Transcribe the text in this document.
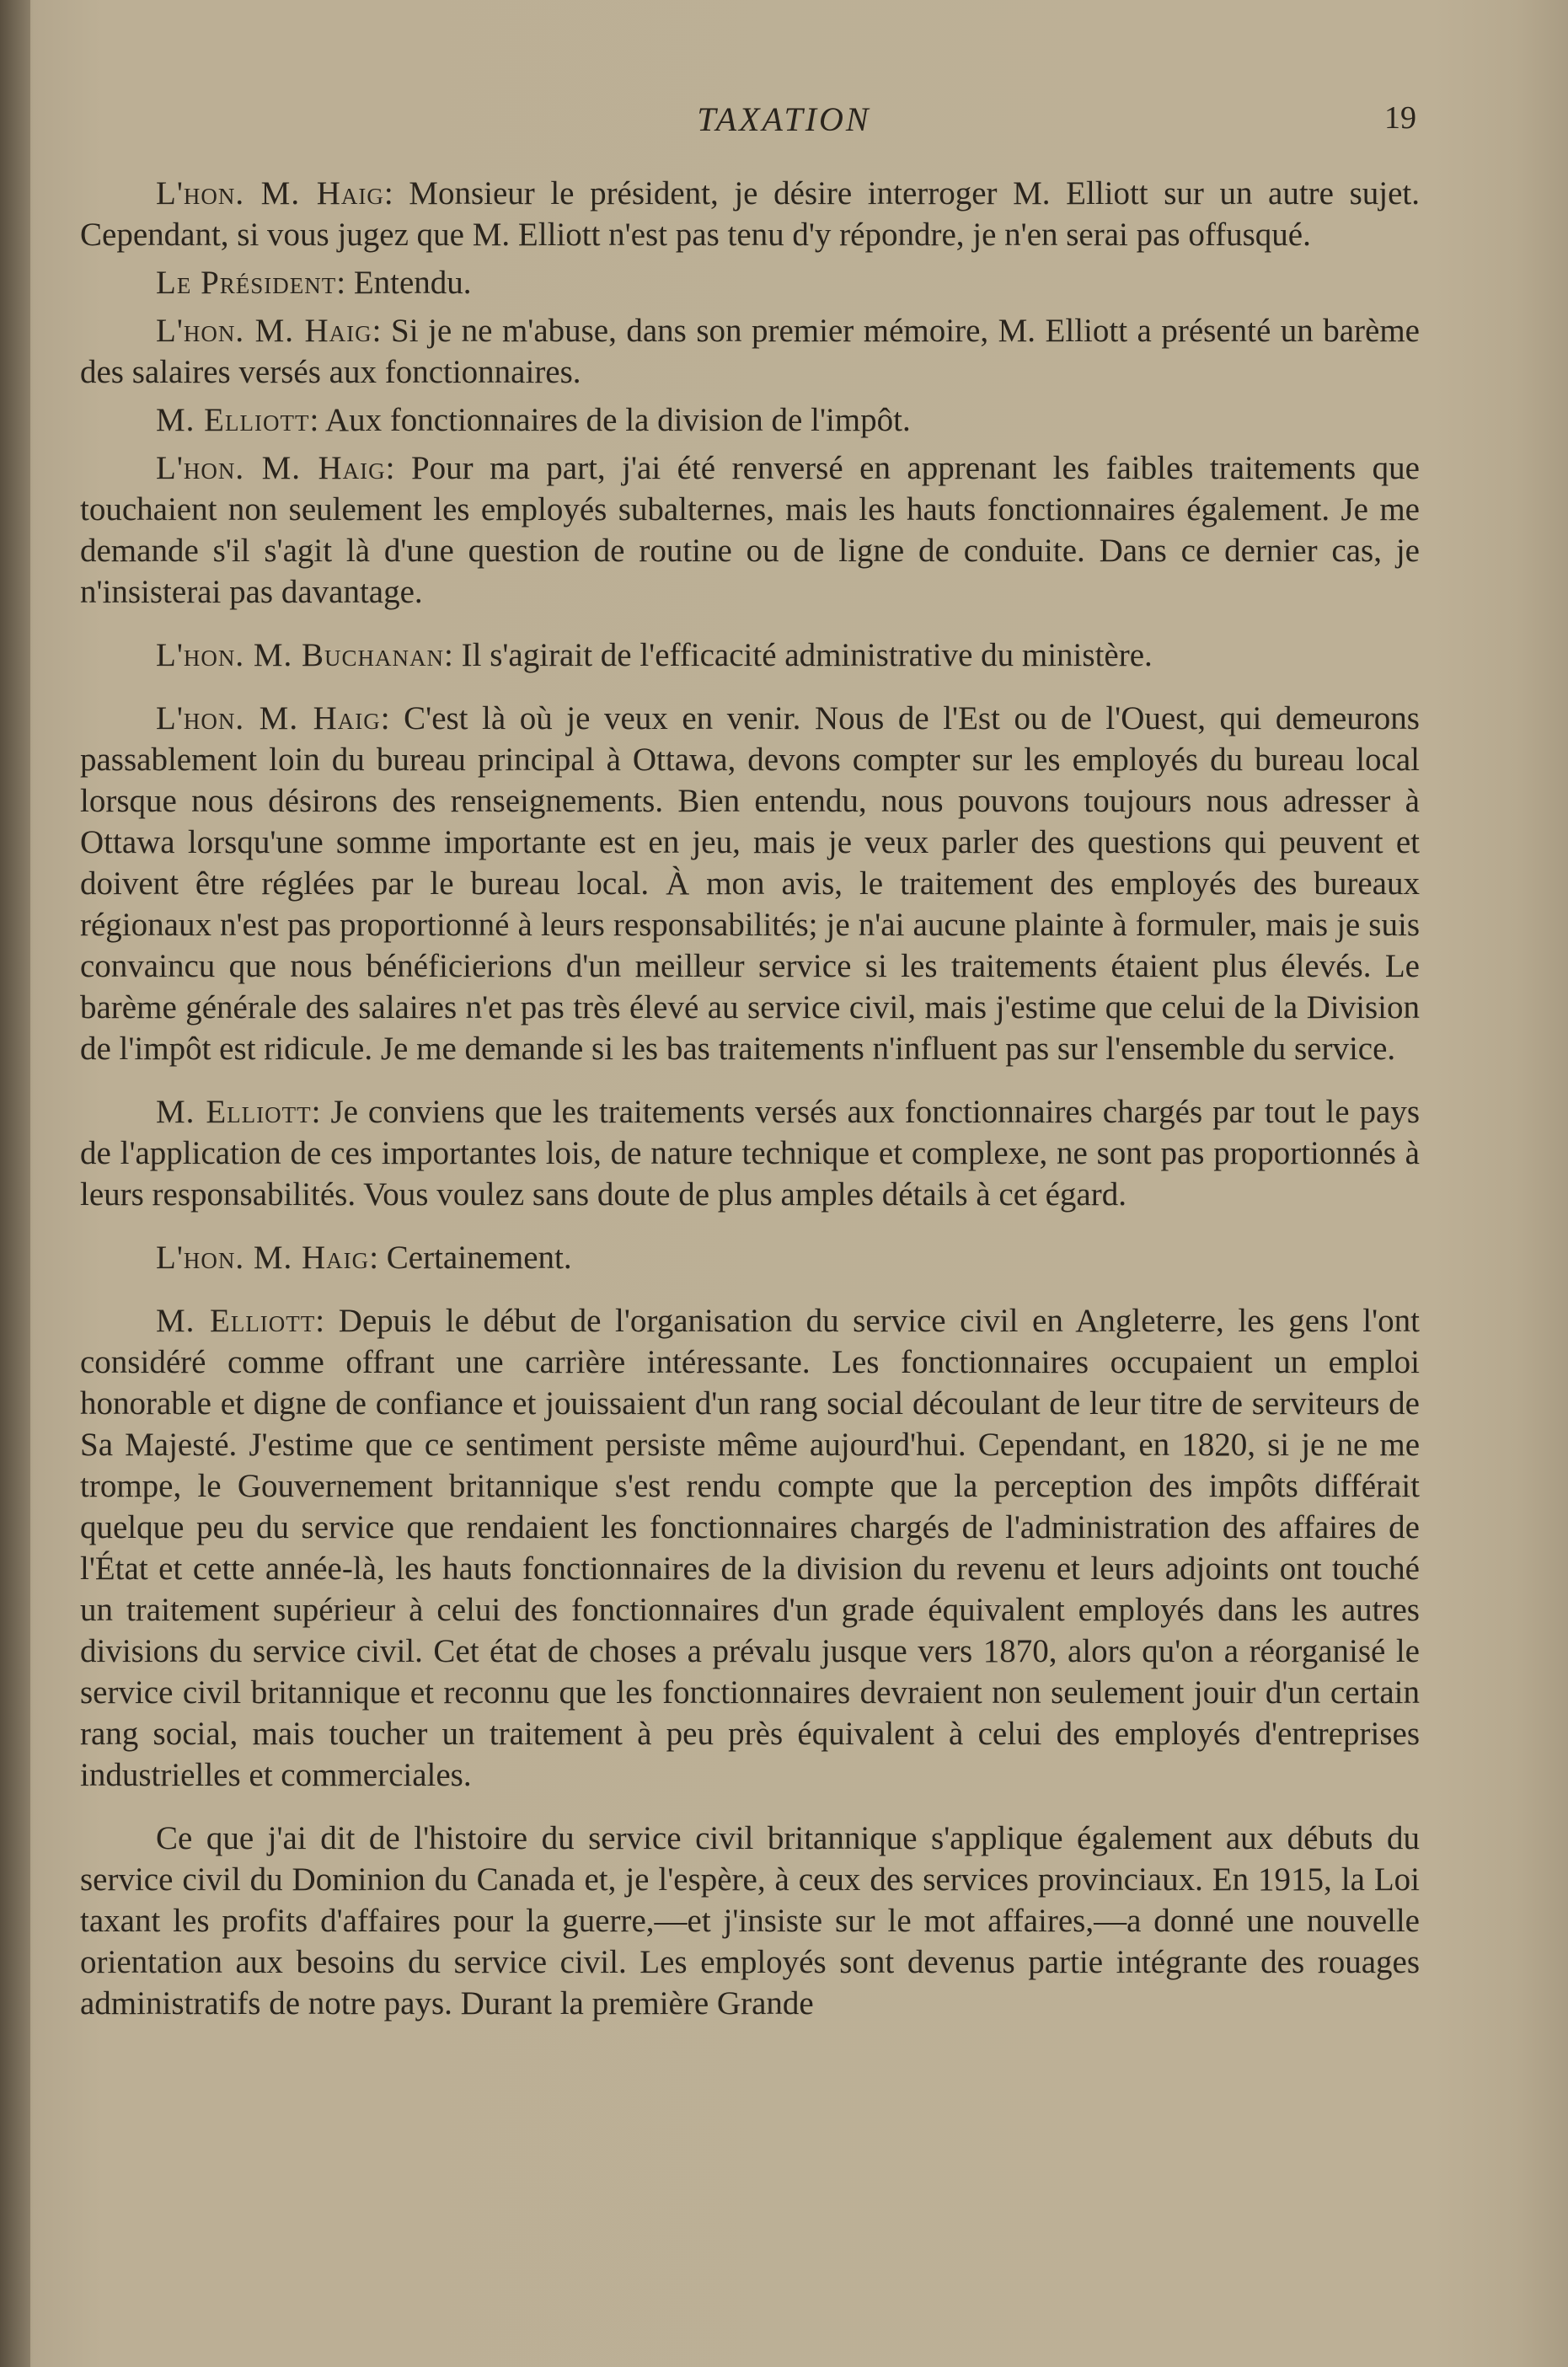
TAXATION	19

L'hon. M. Haig: Monsieur le président, je désire interroger M. Elliott sur un autre sujet. Cependant, si vous jugez que M. Elliott n'est pas tenu d'y répondre, je n'en serai pas offusqué.

Le Président: Entendu.

L'hon. M. Haig: Si je ne m'abuse, dans son premier mémoire, M. Elliott a présenté un barème des salaires versés aux fonctionnaires.

M. Elliott: Aux fonctionnaires de la division de l'impôt.

L'hon. M. Haig: Pour ma part, j'ai été renversé en apprenant les faibles traitements que touchaient non seulement les employés subalternes, mais les hauts fonctionnaires également. Je me demande s'il s'agit là d'une question de routine ou de ligne de conduite. Dans ce dernier cas, je n'insisterai pas davantage.

L'hon. M. Buchanan: Il s'agirait de l'efficacité administrative du ministère.

L'hon. M. Haig: C'est là où je veux en venir. Nous de l'Est ou de l'Ouest, qui demeurons passablement loin du bureau principal à Ottawa, devons compter sur les employés du bureau local lorsque nous désirons des renseignements. Bien entendu, nous pouvons toujours nous adresser à Ottawa lorsqu'une somme importante est en jeu, mais je veux parler des questions qui peuvent et doivent être réglées par le bureau local. À mon avis, le traitement des employés des bureaux régionaux n'est pas proportionné à leurs responsabilités; je n'ai aucune plainte à formuler, mais je suis convaincu que nous bénéficierions d'un meilleur service si les traitements étaient plus élevés. Le barème générale des salaires n'et pas très élevé au service civil, mais j'estime que celui de la Division de l'impôt est ridicule. Je me demande si les bas traitements n'influent pas sur l'ensemble du service.

M. Elliott: Je conviens que les traitements versés aux fonctionnaires chargés par tout le pays de l'application de ces importantes lois, de nature technique et complexe, ne sont pas proportionnés à leurs responsabilités. Vous voulez sans doute de plus amples détails à cet égard.

L'hon. M. Haig: Certainement.

M. Elliott: Depuis le début de l'organisation du service civil en Angleterre, les gens l'ont considéré comme offrant une carrière intéressante. Les fonctionnaires occupaient un emploi honorable et digne de confiance et jouissaient d'un rang social découlant de leur titre de serviteurs de Sa Majesté. J'estime que ce sentiment persiste même aujourd'hui. Cependant, en 1820, si je ne me trompe, le Gouvernement britannique s'est rendu compte que la perception des impôts différait quelque peu du service que rendaient les fonctionnaires chargés de l'administration des affaires de l'État et cette année-là, les hauts fonctionnaires de la division du revenu et leurs adjoints ont touché un traitement supérieur à celui des fonctionnaires d'un grade équivalent employés dans les autres divisions du service civil. Cet état de choses a prévalu jusque vers 1870, alors qu'on a réorganisé le service civil britannique et reconnu que les fonctionnaires devraient non seulement jouir d'un certain rang social, mais toucher un traitement à peu près équivalent à celui des employés d'entreprises industrielles et commerciales.

Ce que j'ai dit de l'histoire du service civil britannique s'applique également aux débuts du service civil du Dominion du Canada et, je l'espère, à ceux des services provinciaux. En 1915, la Loi taxant les profits d'affaires pour la guerre,—et j'insiste sur le mot affaires,—a donné une nouvelle orientation aux besoins du service civil. Les employés sont devenus partie intégrante des rouages administratifs de notre pays. Durant la première Grande
